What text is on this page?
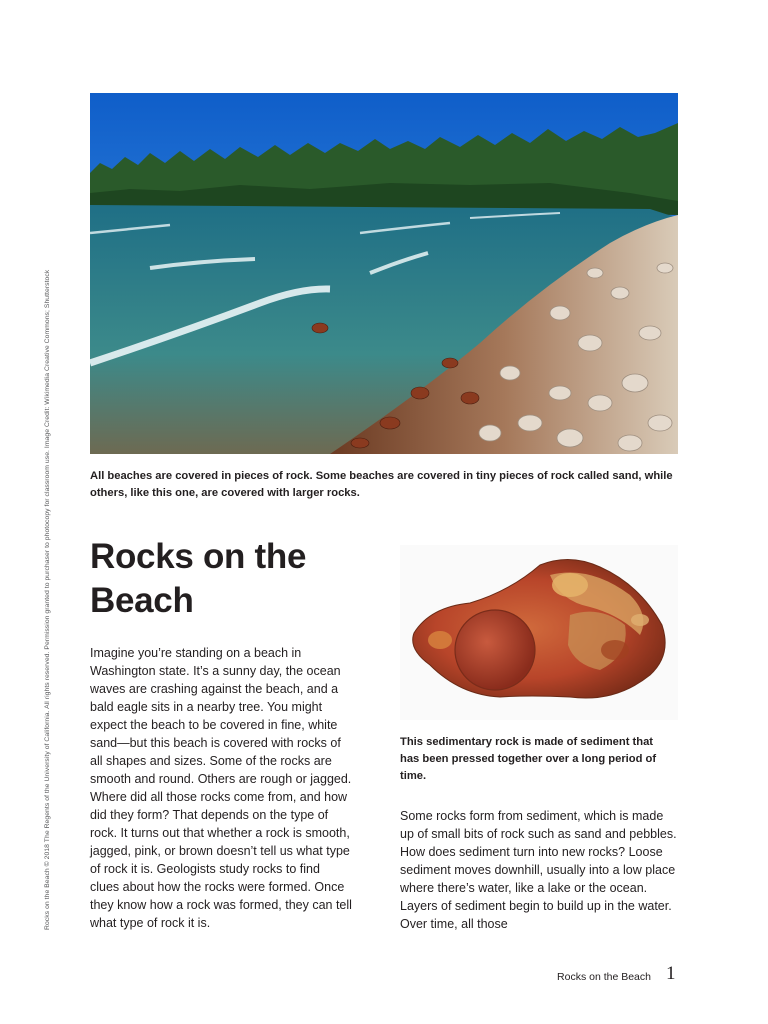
Rocks on the Beach © 2018 The Regents of the University of California. All rights reserved. Permission granted to purchaser to photocopy for classroom use. Image Credit: Wikimedia Creative Commons; Shutterstock	All beaches are covered in pieces of rock. Some beaches are covered in tiny pieces of rock called sand, while others, like this one, are covered with larger rocks.
Rocks on the Beach

Imagine you’re standing on a beach in Washington state. It’s a sunny day, the ocean waves are crashing against the beach, and a bald eagle sits in a nearby tree. You might expect the beach to be covered in fine, white sand—but this beach is covered with rocks of all shapes and sizes. Some of the rocks are smooth and round. Others are rough or jagged. Where did all those rocks come from, and how did they form? That depends on the type of rock. It turns out that whether a rock is smooth, jagged, pink, or brown doesn’t tell us what type of rock it is. Geologists study rocks to find clues about how the rocks were formed. Once they know how a rock was formed, they can tell what type of rock it is.

This sedimentary rock is made of sediment that has been pressed together over a long period of time.

Some rocks form from sediment, which is made up of small bits of rock such as sand and pebbles. How does sediment turn into new rocks? Loose sediment moves downhill, usually into a low place where there’s water, like a lake or the ocean. Layers of sediment begin to build up in the water. Over time, all those

Rocks on the Beach 1
